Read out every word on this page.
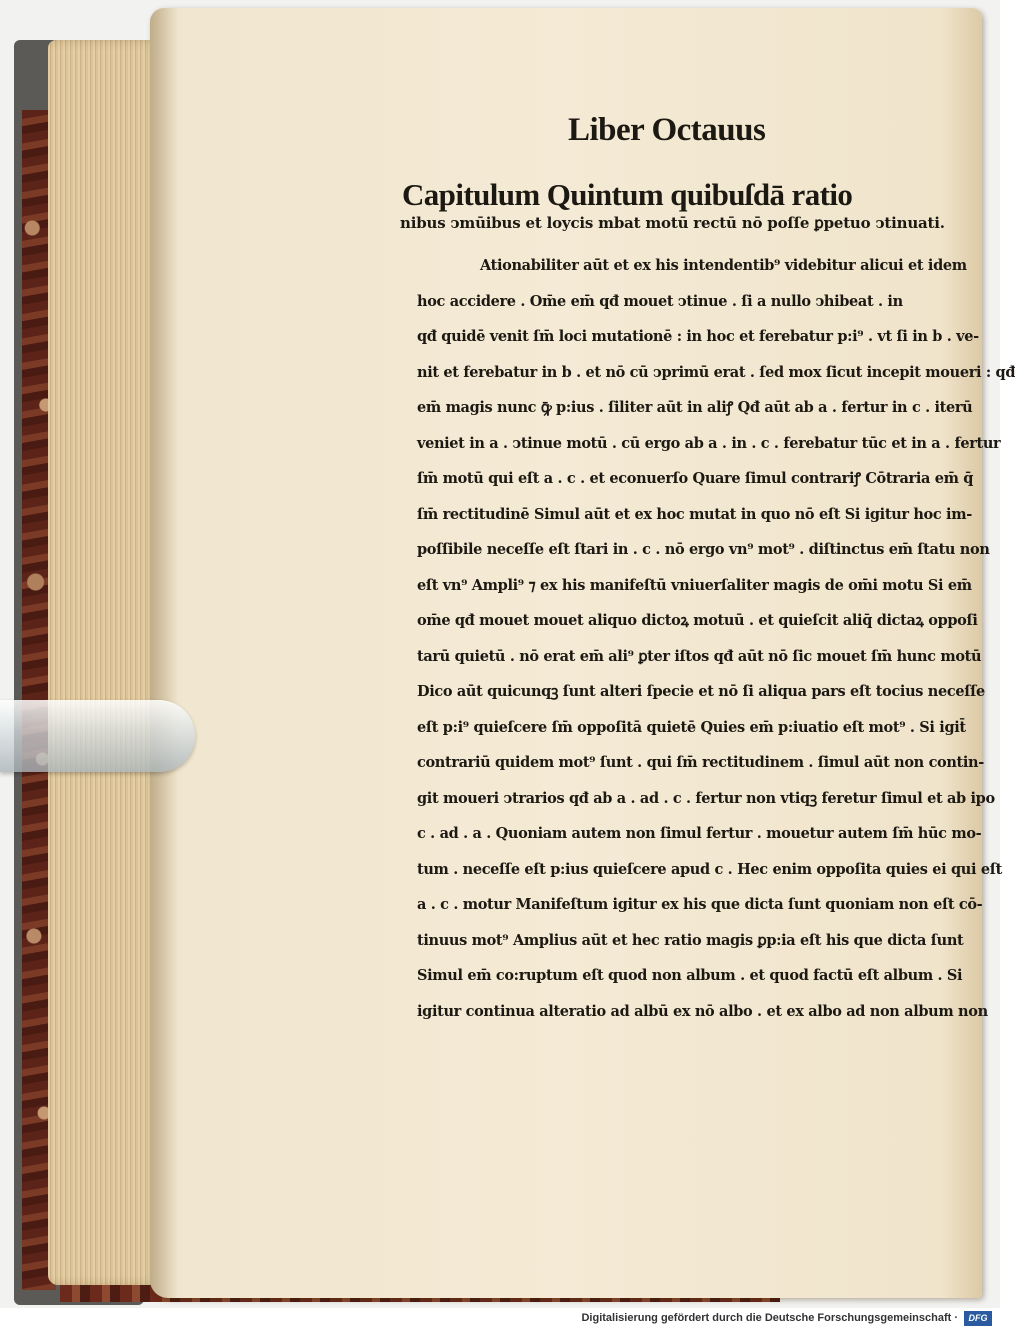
Liber Octauus
Capitulum Quintum quibuſdā ratio
nibus ↄmūibus et loycis mbat motū rectū nō poſſe ꝑpetuo ↄtinuati.
Ationabiliter aūt et ex his intendentib⁹ videbitur alicui et idem
hoc accidere . Om̄e em̄ qđ mouet ↄtinue . ſi a nullo ↄhibeat . in
qđ quidē venit ſm̄ loci mutationē : in hoc et ferebatur p:i⁹ . vt ſi in b . ve-
nit et ferebatur in b . et nō cū ↄprimū erat . ſed mox ſicut incepit moueri : qđ
em̄ magis nunc ꝙ̄ p:ius . ſiliter aūt in aliꝭ Qđ aūt ab a . fertur in c . iterū
veniet in a . ↄtinue motū . cū ergo ab a . in . c . ferebatur tūc et in a . fertur
ſm̄ motū qui eſt a . c . et econuerſo Quare ſimul contrariꝭ Cōtraria em̄ q̄
ſm̄ rectitudinē Simul aūt et ex hoc mutat in quo nō eſt Si igitur hoc im-
poſſibile neceſſe eſt ſtari in . c . nō ergo vn⁹ mot⁹ . diſtinctus em̄ ſtatu non
eſt vn⁹ Ampli⁹ ⁊ ex his manifeſtū vniuerſaliter magis de om̄i motu Si em̄
om̄e qđ mouet mouet aliquo dictoꝝ motuū . et quieſcit aliq̄ dictaꝝ oppoſi
tarū quietū . nō erat em̄ ali⁹ ꝑter iſtos qđ aūt nō ſic mouet ſm̄ hunc motū
Dico aūt quicunqꝫ ſunt alteri ſpecie et nō ſi aliqua pars eſt tocius neceſſe
eſt p:i⁹ quieſcere ſm̄ oppoſitā quietē Quies em̄ p:iuatio eſt mot⁹ . Si igit̄
contrariū quidem mot⁹ ſunt . qui ſm̄ rectitudinem . ſimul aūt non contin-
git moueri ↄtrarios qđ ab a . ad . c . fertur non vtiqꝫ feretur ſimul et ab ipo
c . ad . a . Quoniam autem non ſimul fertur . mouetur autem ſm̄ hūc mo-
tum . neceſſe eſt p:ius quieſcere apud c . Hec enim oppoſita quies ei qui eſt
a . c . motur Manifeſtum igitur ex his que dicta ſunt quoniam non eſt cō-
tinuus mot⁹ Amplius aūt et hec ratio magis ꝑp:ia eſt his que dicta ſunt
Simul em̄ co:ruptum eſt quod non album . et quod factū eſt album . Si
igitur continua alteratio ad albū ex nō albo . et ex albo ad non album non
Digitalisierung gefördert durch die Deutsche Forschungsgemeinschaft ·	DFG
